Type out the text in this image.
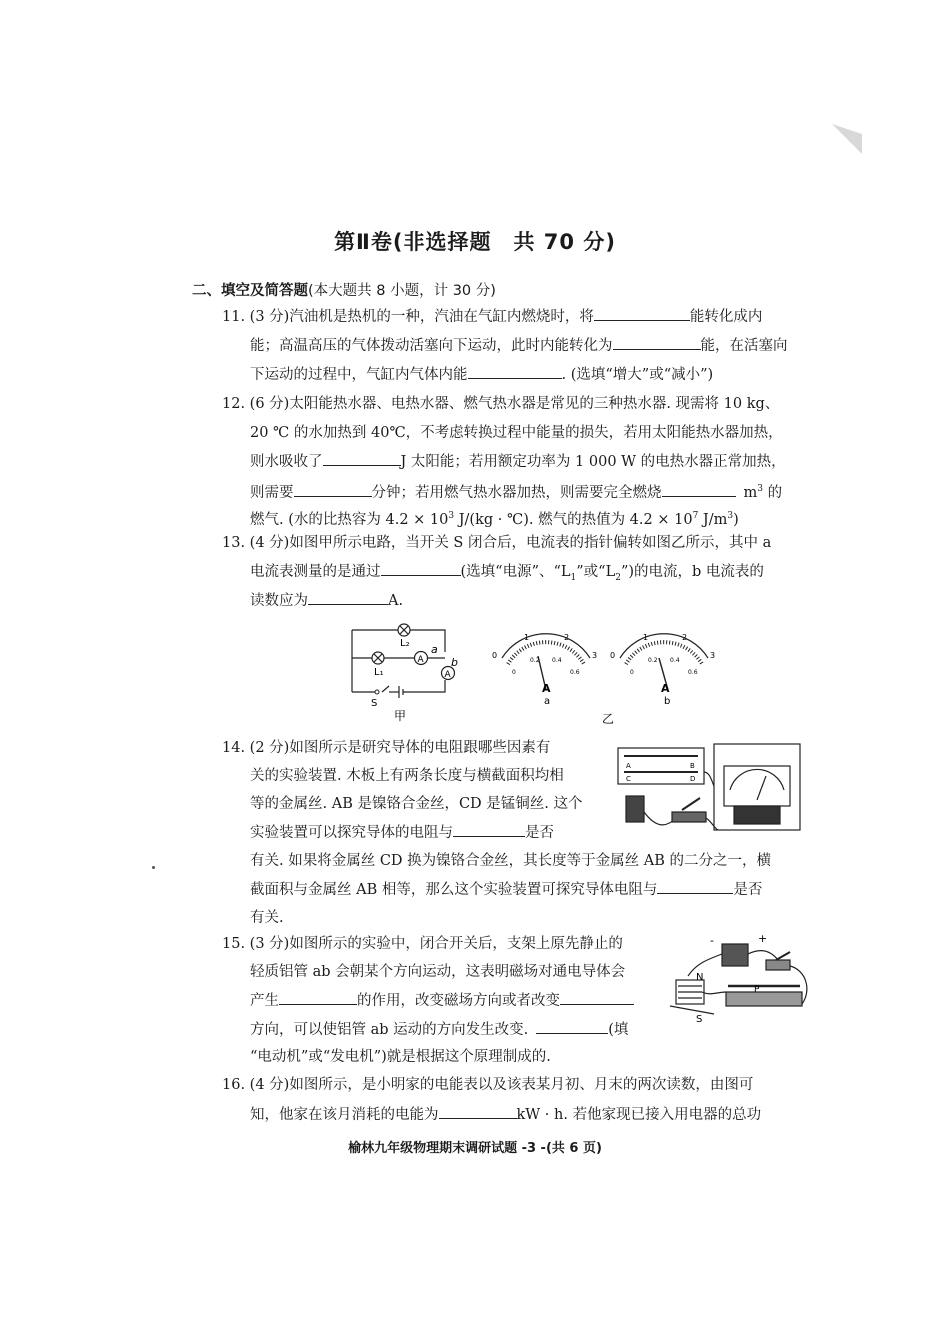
第Ⅱ卷(非选择题　共 70 分)
二、填空及简答题(本大题共 8 小题，计 30 分)
11. (3 分)汽油机是热机的一种，汽油在气缸内燃烧时，将	能转化成内
能；高温高压的气体拨动活塞向下运动，此时内能转化为	能，在活塞向
下运动的过程中，气缸内气体内能	. (选填“增大”或“减小”)
12. (6 分)太阳能热水器、电热水器、燃气热水器是常见的三种热水器. 现需将 10 kg、
20 ℃ 的水加热到 40℃，不考虑转换过程中能量的损失，若用太阳能热水器加热，
则水吸收了	J 太阳能；若用额定功率为 1 000 W 的电热水器正常加热，
则需要	分钟；若用燃气热水器加热，则需要完全燃烧	$m^3$ 的
燃气. (水的比热容为 $4.2 \times 10^3$ J/(kg · ℃). 燃气的热值为 $4.2 \times 10^7$ $J/m^3$)
13. (4 分)如图甲所示电路，当开关 S 闭合后，电流表的指针偏转如图乙所示，其中 a
电流表测量的是通过	(选填“电源”、“$L_1$”或“$L_2$”)的电流，b 电流表的
读数应为	A.
A
A
L₂
L₁
S
a
b
甲
0
1	2
3
0
0.2 0.4
0.6
A
a
0
1	2
3
0
0.2 0.4
0.6
A
b
乙
14. (2 分)如图所示是研究导体的电阻跟哪些因素有
关的实验装置. 木板上有两条长度与横截面积均相
等的金属丝. AB 是镍铬合金丝，CD 是锰铜丝. 这个
实验装置可以探究导体的电阻与	是否
有关. 如果将金属丝 CD 换为镍铬合金丝，其长度等于金属丝 AB 的二分之一，横
截面积与金属丝 AB 相等，那么这个实验装置可探究导体电阻与	是否
有关.
A	B
C	D
15. (3 分)如图所示的实验中，闭合开关后，支架上原先静止的
轻质铝管 ab 会朝某个方向运动，这表明磁场对通电导体会
产生	的作用，改变磁场方向或者改变
方向，可以使铝管 ab 运动的方向发生改变.	(填
“电动机”或“发电机”)就是根据这个原理制成的.
-	+
N
S
P
16. (4 分)如图所示，是小明家的电能表以及该表某月初、月末的两次读数，由图可
知，他家在该月消耗的电能为	kW · h. 若他家现已接入用电器的总功
榆林九年级物理期末调研试题 -3 -(共 6 页)
